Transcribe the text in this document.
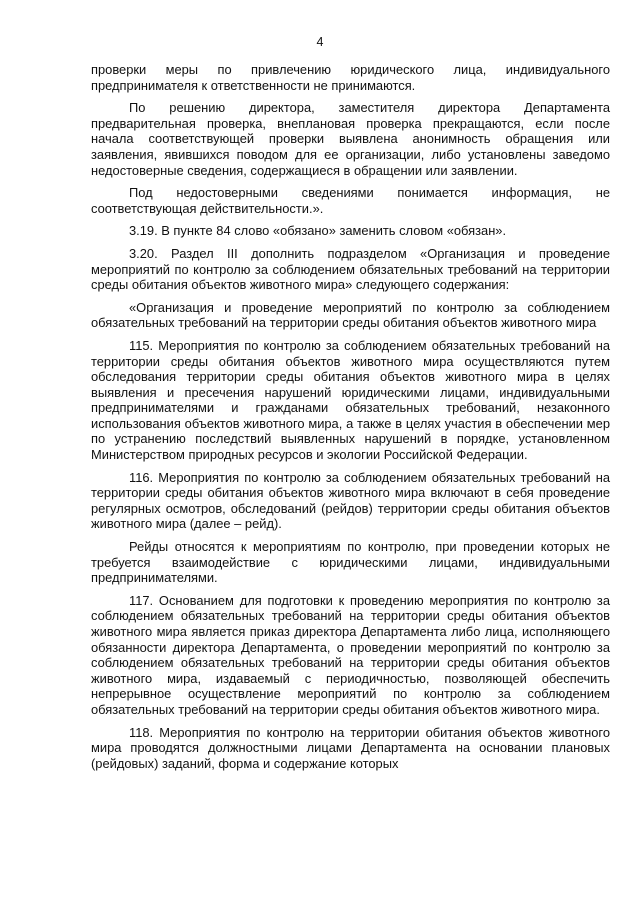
4

проверки меры по привлечению юридического лица, индивидуального предпринимателя к ответственности не принимаются.

По решению директора, заместителя директора Департамента предварительная проверка, внеплановая проверка прекращаются, если после начала соответствующей проверки выявлена анонимность обращения или заявления, явившихся поводом для ее организации, либо установлены заведомо недостоверные сведения, содержащиеся в обращении или заявлении.

Под недостоверными сведениями понимается информация, не соответствующая действительности.».

3.19. В пункте 84 слово «обязано» заменить словом «обязан».

3.20. Раздел III дополнить подразделом «Организация и проведение мероприятий по контролю за соблюдением обязательных требований на территории среды обитания объектов животного мира» следующего содержания:

«Организация и проведение мероприятий по контролю за соблюдением обязательных требований на территории среды обитания объектов животного мира

115. Мероприятия по контролю за соблюдением обязательных требований на территории среды обитания объектов животного мира осуществляются путем обследования территории среды обитания объектов животного мира в целях выявления и пресечения нарушений юридическими лицами, индивидуальными предпринимателями и гражданами обязательных требований, незаконного использования объектов животного мира, а также в целях участия в обеспечении мер по устранению последствий выявленных нарушений в порядке, установленном Министерством природных ресурсов и экологии Российской Федерации.

116. Мероприятия по контролю за соблюдением обязательных требований на территории среды обитания объектов животного мира включают в себя проведение регулярных осмотров, обследований (рейдов) территории среды обитания объектов животного мира (далее – рейд).

Рейды относятся к мероприятиям по контролю, при проведении которых не требуется взаимодействие с юридическими лицами, индивидуальными предпринимателями.

117. Основанием для подготовки к проведению мероприятия по контролю за соблюдением обязательных требований на территории среды обитания объектов животного мира является приказ директора Департамента либо лица, исполняющего обязанности директора Департамента, о проведении мероприятий по контролю за соблюдением обязательных требований на территории среды обитания объектов животного мира, издаваемый с периодичностью, позволяющей обеспечить непрерывное осуществление мероприятий по контролю за соблюдением обязательных требований на территории среды обитания объектов животного мира.

118. Мероприятия по контролю на территории обитания объектов животного мира проводятся должностными лицами Департамента на основании плановых (рейдовых) заданий, форма и содержание которых
